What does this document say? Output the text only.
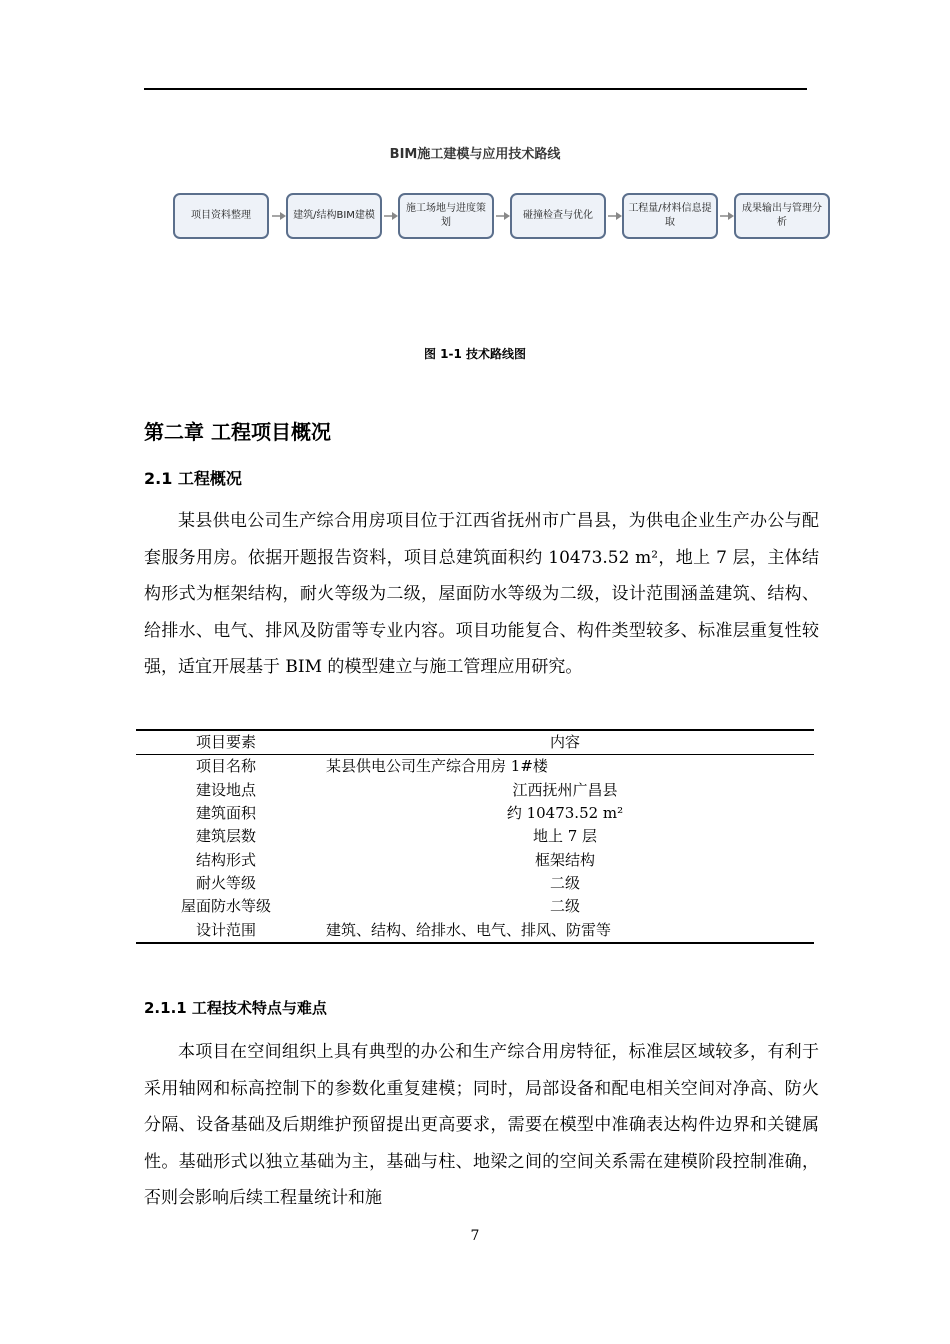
BIM施工建模与应用技术路线
项目资料整理	建筑/结构BIM建模
施工场地与进度策划
碰撞检查与优化
工程量/材料信息提取
成果输出与管理分析
图 1-1 技术路线图
第二章 工程项目概况
2.1 工程概况

某县供电公司生产综合用房项目位于江西省抚州市广昌县，为供电企业生产办公与配套服务用房。依据开题报告资料，项目总建筑面积约 10473.52 m²，地上 7 层，主体结构形式为框架结构，耐火等级为二级，屋面防水等级为二级，设计范围涵盖建筑、结构、给排水、电气、排风及防雷等专业内容。项目功能复合、构件类型较多、标准层重复性较强，适宜开展基于 BIM 的模型建立与施工管理应用研究。

项目要素	内容
项目名称	某县供电公司生产综合用房 1#楼
建设地点	江西抚州广昌县
建筑面积	约 10473.52 m²
建筑层数	地上 7 层
结构形式	框架结构
耐火等级	二级
屋面防水等级	二级
设计范围	建筑、结构、给排水、电气、排风、防雷等
2.1.1 工程技术特点与难点

本项目在空间组织上具有典型的办公和生产综合用房特征，标准层区域较多，有利于采用轴网和标高控制下的参数化重复建模；同时，局部设备和配电相关空间对净高、防火分隔、设备基础及后期维护预留提出更高要求，需要在模型中准确表达构件边界和关键属性。基础形式以独立基础为主，基础与柱、地梁之间的空间关系需在建模阶段控制准确，否则会影响后续工程量统计和施

7
